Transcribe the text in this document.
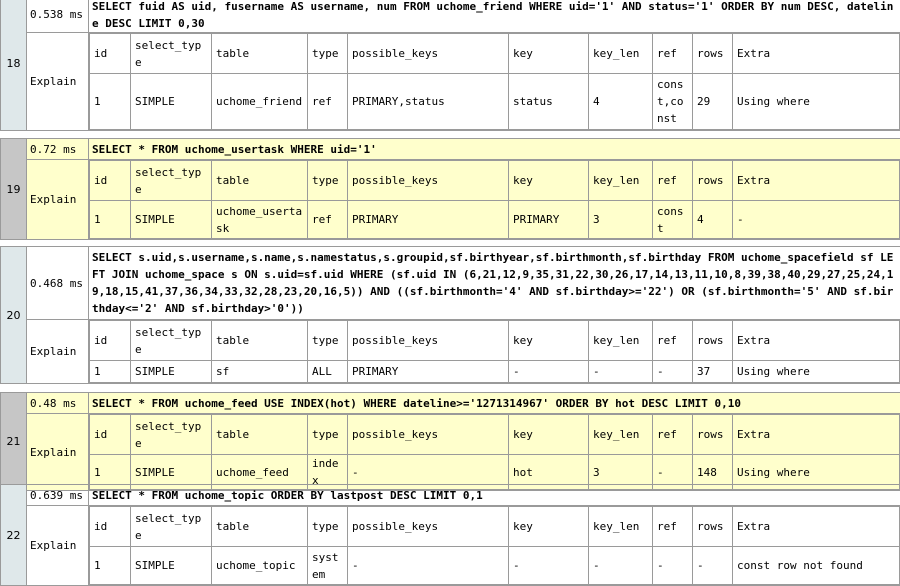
18	0.538 ms	SELECT fuid AS uid, fusername AS username, num FROM uchome_friend WHERE uid='1' AND status='1' ORDER BY num DESC, dateline DESC LIMIT 0,30
Explain	
id	select_type	table	type	possible_keys	key	key_len	ref	rows	Extra
1	SIMPLE	uchome_friend	ref	PRIMARY,status	status	4	const,const	29	Using where
19	0.72 ms	SELECT * FROM uchome_usertask WHERE uid='1'
Explain	
id	select_type	table	type	possible_keys	key	key_len	ref	rows	Extra
1	SIMPLE	uchome_usertask	ref	PRIMARY	PRIMARY	3	const	4	-
20	0.468 ms	SELECT s.uid,s.username,s.name,s.namestatus,s.groupid,sf.birthyear,sf.birthmonth,sf.birthday FROM uchome_spacefield sf LEFT JOIN uchome_space s ON s.uid=sf.uid WHERE (sf.uid IN (6,21,12,9,35,31,22,30,26,17,14,13,11,10,8,39,38,40,29,27,25,24,19,18,15,41,37,36,34,33,32,28,23,20,16,5)) AND ((sf.birthmonth='4' AND sf.birthday>='22') OR (sf.birthmonth='5' AND sf.birthday<='2' AND sf.birthday>'0'))
Explain	
id	select_type	table	type	possible_keys	key	key_len	ref	rows	Extra
1	SIMPLE	sf	ALL	PRIMARY	-	-	-	37	Using where
21	0.48 ms	SELECT * FROM uchome_feed USE INDEX(hot) WHERE dateline>='1271314967' ORDER BY hot DESC LIMIT 0,10
Explain	
id	select_type	table	type	possible_keys	key	key_len	ref	rows	Extra
1	SIMPLE	uchome_feed	index	-	hot	3	-	148	Using where
22	0.639 ms	SELECT * FROM uchome_topic ORDER BY lastpost DESC LIMIT 0,1
Explain	
id	select_type	table	type	possible_keys	key	key_len	ref	rows	Extra
1	SIMPLE	uchome_topic	system	-	-	-	-	-	const row not found
